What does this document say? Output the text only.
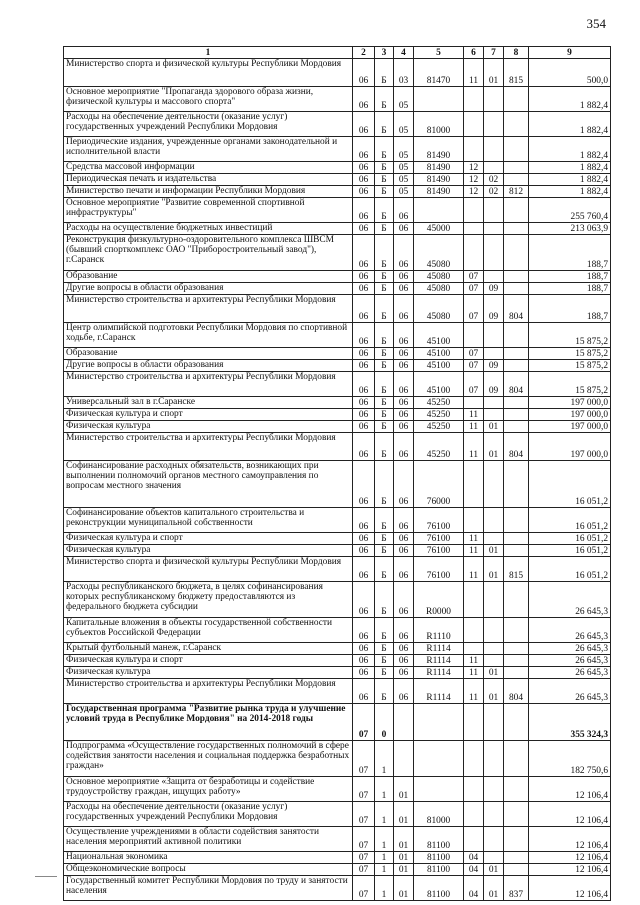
354
1	2	3	4	5	6	7	8	9
Министерство спорта и физической культуры Республики Мордовия	06	Б	03	81470	11	01	815	500,0
Основное мероприятие "Пропаганда здорового образа жизни, физической культуры и массового спорта"	06	Б	05					1 882,4
Расходы на обеспечение деятельности (оказание услуг) государственных учреждений Республики Мордовия	06	Б	05	81000				1 882,4
Периодические издания, учрежденные органами законодательной и исполнительной власти	06	Б	05	81490				1 882,4
Средства массовой информации	06	Б	05	81490	12			1 882,4
Периодическая печать и издательства	06	Б	05	81490	12	02		1 882,4
Министерство печати и информации Республики Мордовия	06	Б	05	81490	12	02	812	1 882,4
Основное мероприятие "Развитие современной спортивной инфраструктуры"	06	Б	06					255 760,4
Расходы на осуществление бюджетных инвестиций	06	Б	06	45000				213 063,9
Реконструкция физкультурно-оздоровительного комплекса ШВСМ (бывший спорткомплекс ОАО "Приборостроительный завод"), г.Саранск	06	Б	06	45080				188,7
Образование	06	Б	06	45080	07			188,7
Другие вопросы в области образования	06	Б	06	45080	07	09		188,7
Министерство строительства и архитектуры Республики Мордовия	06	Б	06	45080	07	09	804	188,7
Центр олимпийской подготовки Республики Мордовия по спортивной ходьбе, г.Саранск	06	Б	06	45100				15 875,2
Образование	06	Б	06	45100	07			15 875,2
Другие вопросы в области образования	06	Б	06	45100	07	09		15 875,2
Министерство строительства и архитектуры Республики Мордовия	06	Б	06	45100	07	09	804	15 875,2
Универсальный зал в г.Саранске	06	Б	06	45250				197 000,0
Физическая культура и спорт	06	Б	06	45250	11			197 000,0
Физическая культура	06	Б	06	45250	11	01		197 000,0
Министерство строительства и архитектуры Республики Мордовия	06	Б	06	45250	11	01	804	197 000,0
Софинансирование расходных обязательств, возникающих при выполнении полномочий органов местного самоуправления по вопросам местного значения	06	Б	06	76000				16 051,2
Софинансирование объектов капитального строительства и реконструкции муниципальной собственности	06	Б	06	76100				16 051,2
Физическая культура и спорт	06	Б	06	76100	11			16 051,2
Физическая культура	06	Б	06	76100	11	01		16 051,2
Министерство спорта и физической культуры Республики Мордовия	06	Б	06	76100	11	01	815	16 051,2
Расходы республиканского бюджета, в целях софинансирования которых республиканскому бюджету предоставляются из федерального бюджета субсидии	06	Б	06	R0000				26 645,3
Капитальные вложения в объекты государственной собственности субъектов Российской Федерации	06	Б	06	R1110				26 645,3
Крытый футбольный манеж, г.Саранск	06	Б	06	R1114				26 645,3
Физическая культура и спорт	06	Б	06	R1114	11			26 645,3
Физическая культура	06	Б	06	R1114	11	01		26 645,3
Министерство строительства и архитектуры Республики Мордовия	06	Б	06	R1114	11	01	804	26 645,3
Государственная программа "Развитие рынка труда и улучшение условий труда в Республике Мордовия" на 2014-2018 годы	07	0						355 324,3
Подпрограмма «Осуществление государственных полномочий в сфере содействия занятости населения и социальная поддержка безработных граждан»	07	1						182 750,6
Основное мероприятие «Защита от безработицы и содействие трудоустройству граждан, ищущих работу»	07	1	01					12 106,4
Расходы на обеспечение деятельности (оказание услуг) государственных учреждений Республики Мордовия	07	1	01	81000				12 106,4
Осуществление учреждениями в области содействия занятости населения мероприятий активной политики	07	1	01	81100				12 106,4
Национальная экономика	07	1	01	81100	04			12 106,4
Общеэкономические вопросы	07	1	01	81100	04	01		12 106,4
Государственный комитет Республики Мордовия по труду и занятости населения	07	1	01	81100	04	01	837	12 106,4
